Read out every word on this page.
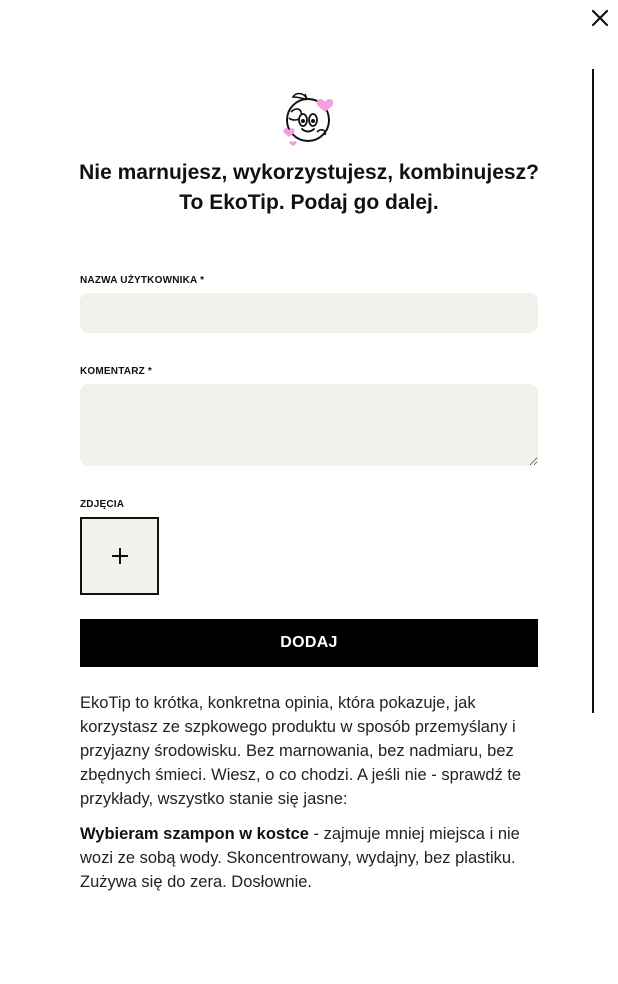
Nie marnujesz, wykorzystujesz, kombinujesz?
To EkoTip. Podaj go dalej.
NAZWA UŻYTKOWNIKA *
KOMENTARZ *
ZDJĘCIA
DODAJ

EkoTip to krótka, konkretna opinia, która pokazuje, jak korzystasz ze szpkowego produktu w sposób przemyślany i przyjazny środowisku. Bez marnowania, bez nadmiaru, bez zbędnych śmieci. Wiesz, o co chodzi. A jeśli nie - sprawdź te przykłady, wszystko stanie się jasne:

Wybieram szampon w kostce - zajmuje mniej miejsca i nie wozi ze sobą wody. Skoncentrowany, wydajny, bez plastiku. Zużywa się do zera. Dosłownie.
